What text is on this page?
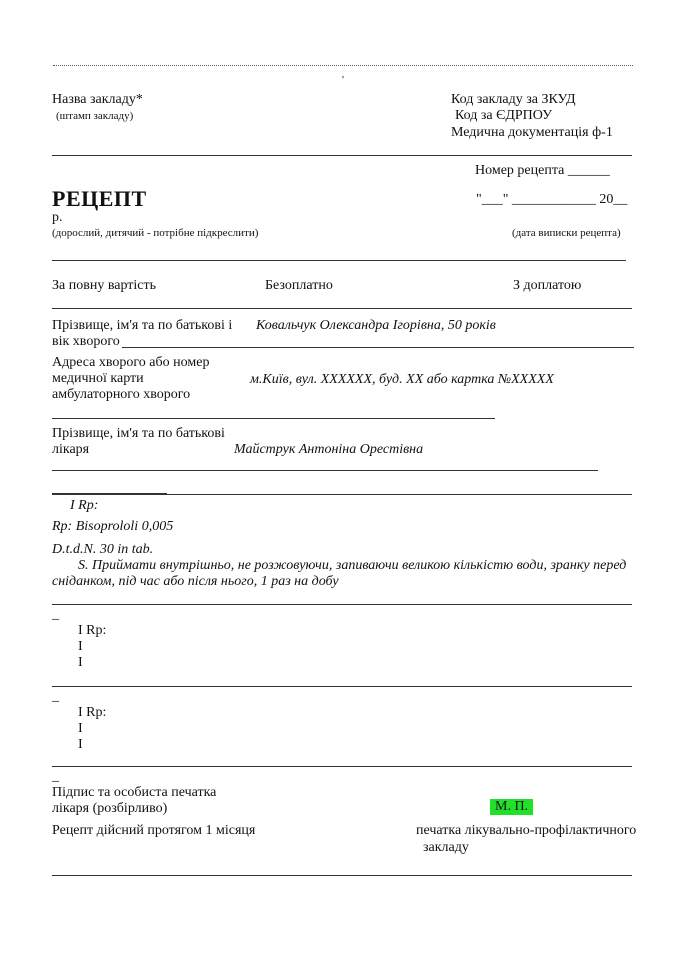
'
Назва закладу*
(штамп закладу)
Код закладу за ЗКУД
Код за ЄДРПОУ
Медична документація ф-1
Номер рецепта ______
РЕЦЕПТ	"___" ____________ 20__
р.
(дорослий, дитячий - потрібне підкреслити)	(дата виписки рецепта)
За повну вартість	Безоплатно	З доплатою
Прізвище, ім'я та по батькові і
вік хворого
Ковальчук Олександра Ігорівна, 50 років
Адреса хворого або номер
медичної карти
амбулаторного хворого
м.Київ, вул. ХХХХХХ, буд. ХХ або картка №ХХХХХ
Прізвище, ім'я та по батькові
лікаря	Майструк Антоніна Орестівна
I Rp:
Rp: Bisoprololi 0,005
D.t.d.N. 30 in tab.
S. Приймати внутрішньо, не розжовуючи, запиваючи великою кількістю води, зранку перед
сніданком, під час або після нього, 1 раз на добу
_
I Rp:
I
I
_
I Rp:
I
I
_
Підпис та особиста печатка
лікаря (розбірливо)	М. П.
Рецепт дійсний протягом 1 місяця	печатка лікувально-профілактичного
закладу
